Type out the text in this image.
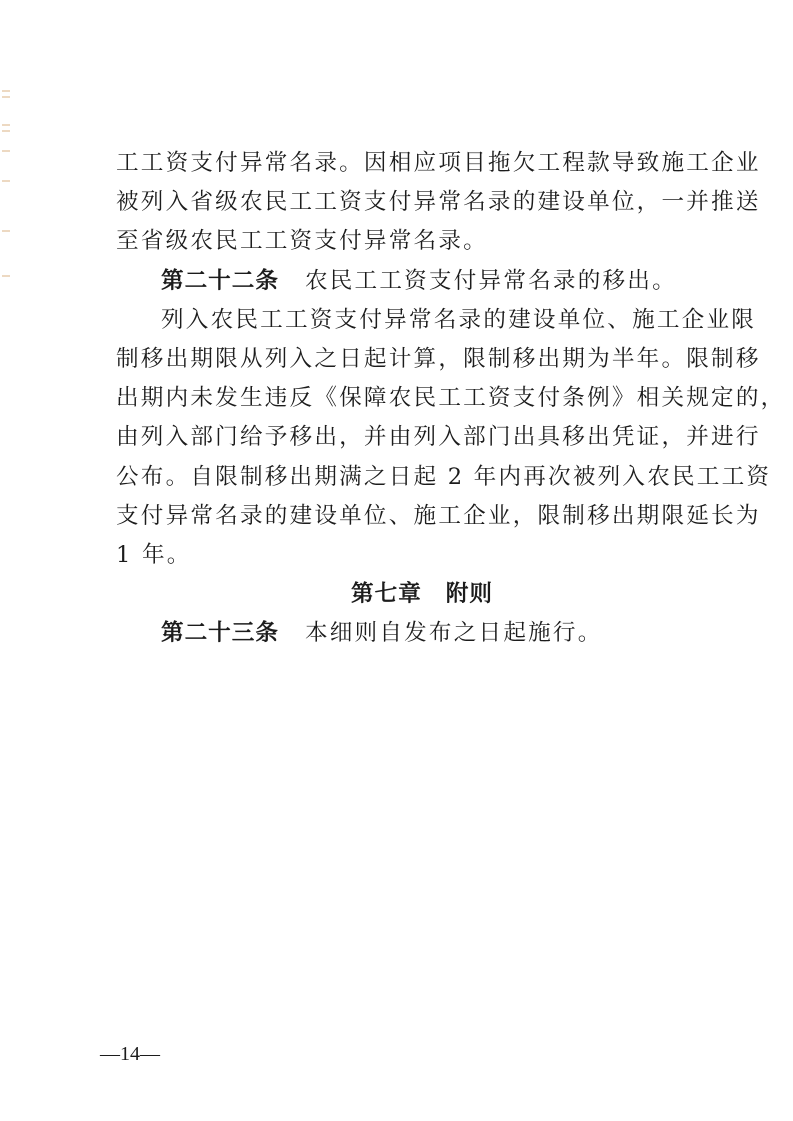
工工资支付异常名录。因相应项目拖欠工程款导致施工企业
被列入省级农民工工资支付异常名录的建设单位，一并推送
至省级农民工工资支付异常名录。
第二十二条 农民工工资支付异常名录的移出。
列入农民工工资支付异常名录的建设单位、施工企业限
制移出期限从列入之日起计算，限制移出期为半年。限制移
出期内未发生违反《保障农民工工资支付条例》相关规定的，
由列入部门给予移出，并由列入部门出具移出凭证，并进行
公布。自限制移出期满之日起 2 年内再次被列入农民工工资
支付异常名录的建设单位、施工企业，限制移出期限延长为
1 年。
第七章 附则
第二十三条 本细则自发布之日起施行。
—14—
